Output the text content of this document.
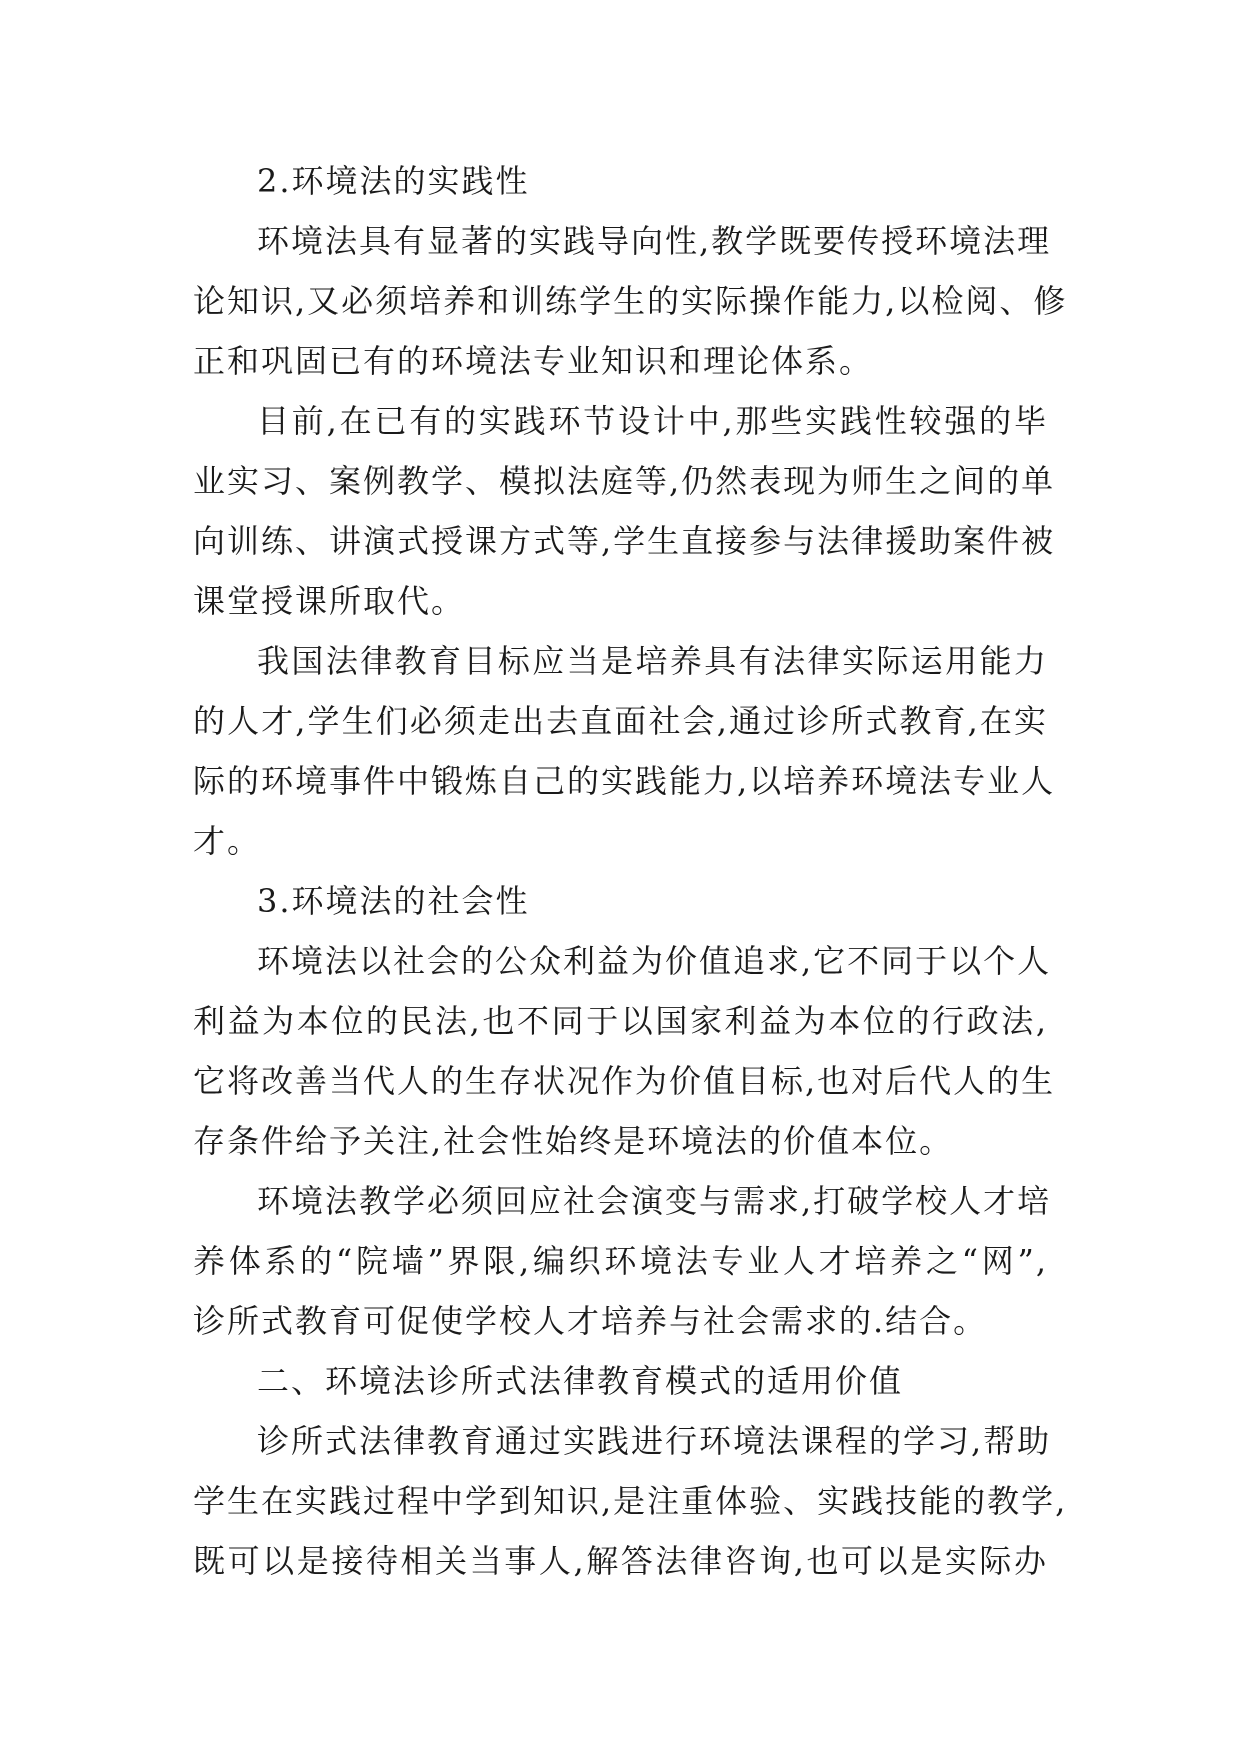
2.环境法的实践性
环境法具有显著的实践导向性,教学既要传授环境法理
论知识,又必须培养和训练学生的实际操作能力,以检阅、修
正和巩固已有的环境法专业知识和理论体系。
目前,在已有的实践环节设计中,那些实践性较强的毕
业实习、案例教学、模拟法庭等,仍然表现为师生之间的单
向训练、讲演式授课方式等,学生直接参与法律援助案件被
课堂授课所取代。
我国法律教育目标应当是培养具有法律实际运用能力
的人才,学生们必须走出去直面社会,通过诊所式教育,在实
际的环境事件中锻炼自己的实践能力,以培养环境法专业人
才。
3.环境法的社会性
环境法以社会的公众利益为价值追求,它不同于以个人
利益为本位的民法,也不同于以国家利益为本位的行政法,
它将改善当代人的生存状况作为价值目标,也对后代人的生
存条件给予关注,社会性始终是环境法的价值本位。
环境法教学必须回应社会演变与需求,打破学校人才培
养体系的“院墙”界限,编织环境法专业人才培养之“网”,
诊所式教育可促使学校人才培养与社会需求的.结合。
二、环境法诊所式法律教育模式的适用价值
诊所式法律教育通过实践进行环境法课程的学习,帮助
学生在实践过程中学到知识,是注重体验、实践技能的教学,
既可以是接待相关当事人,解答法律咨询,也可以是实际办
